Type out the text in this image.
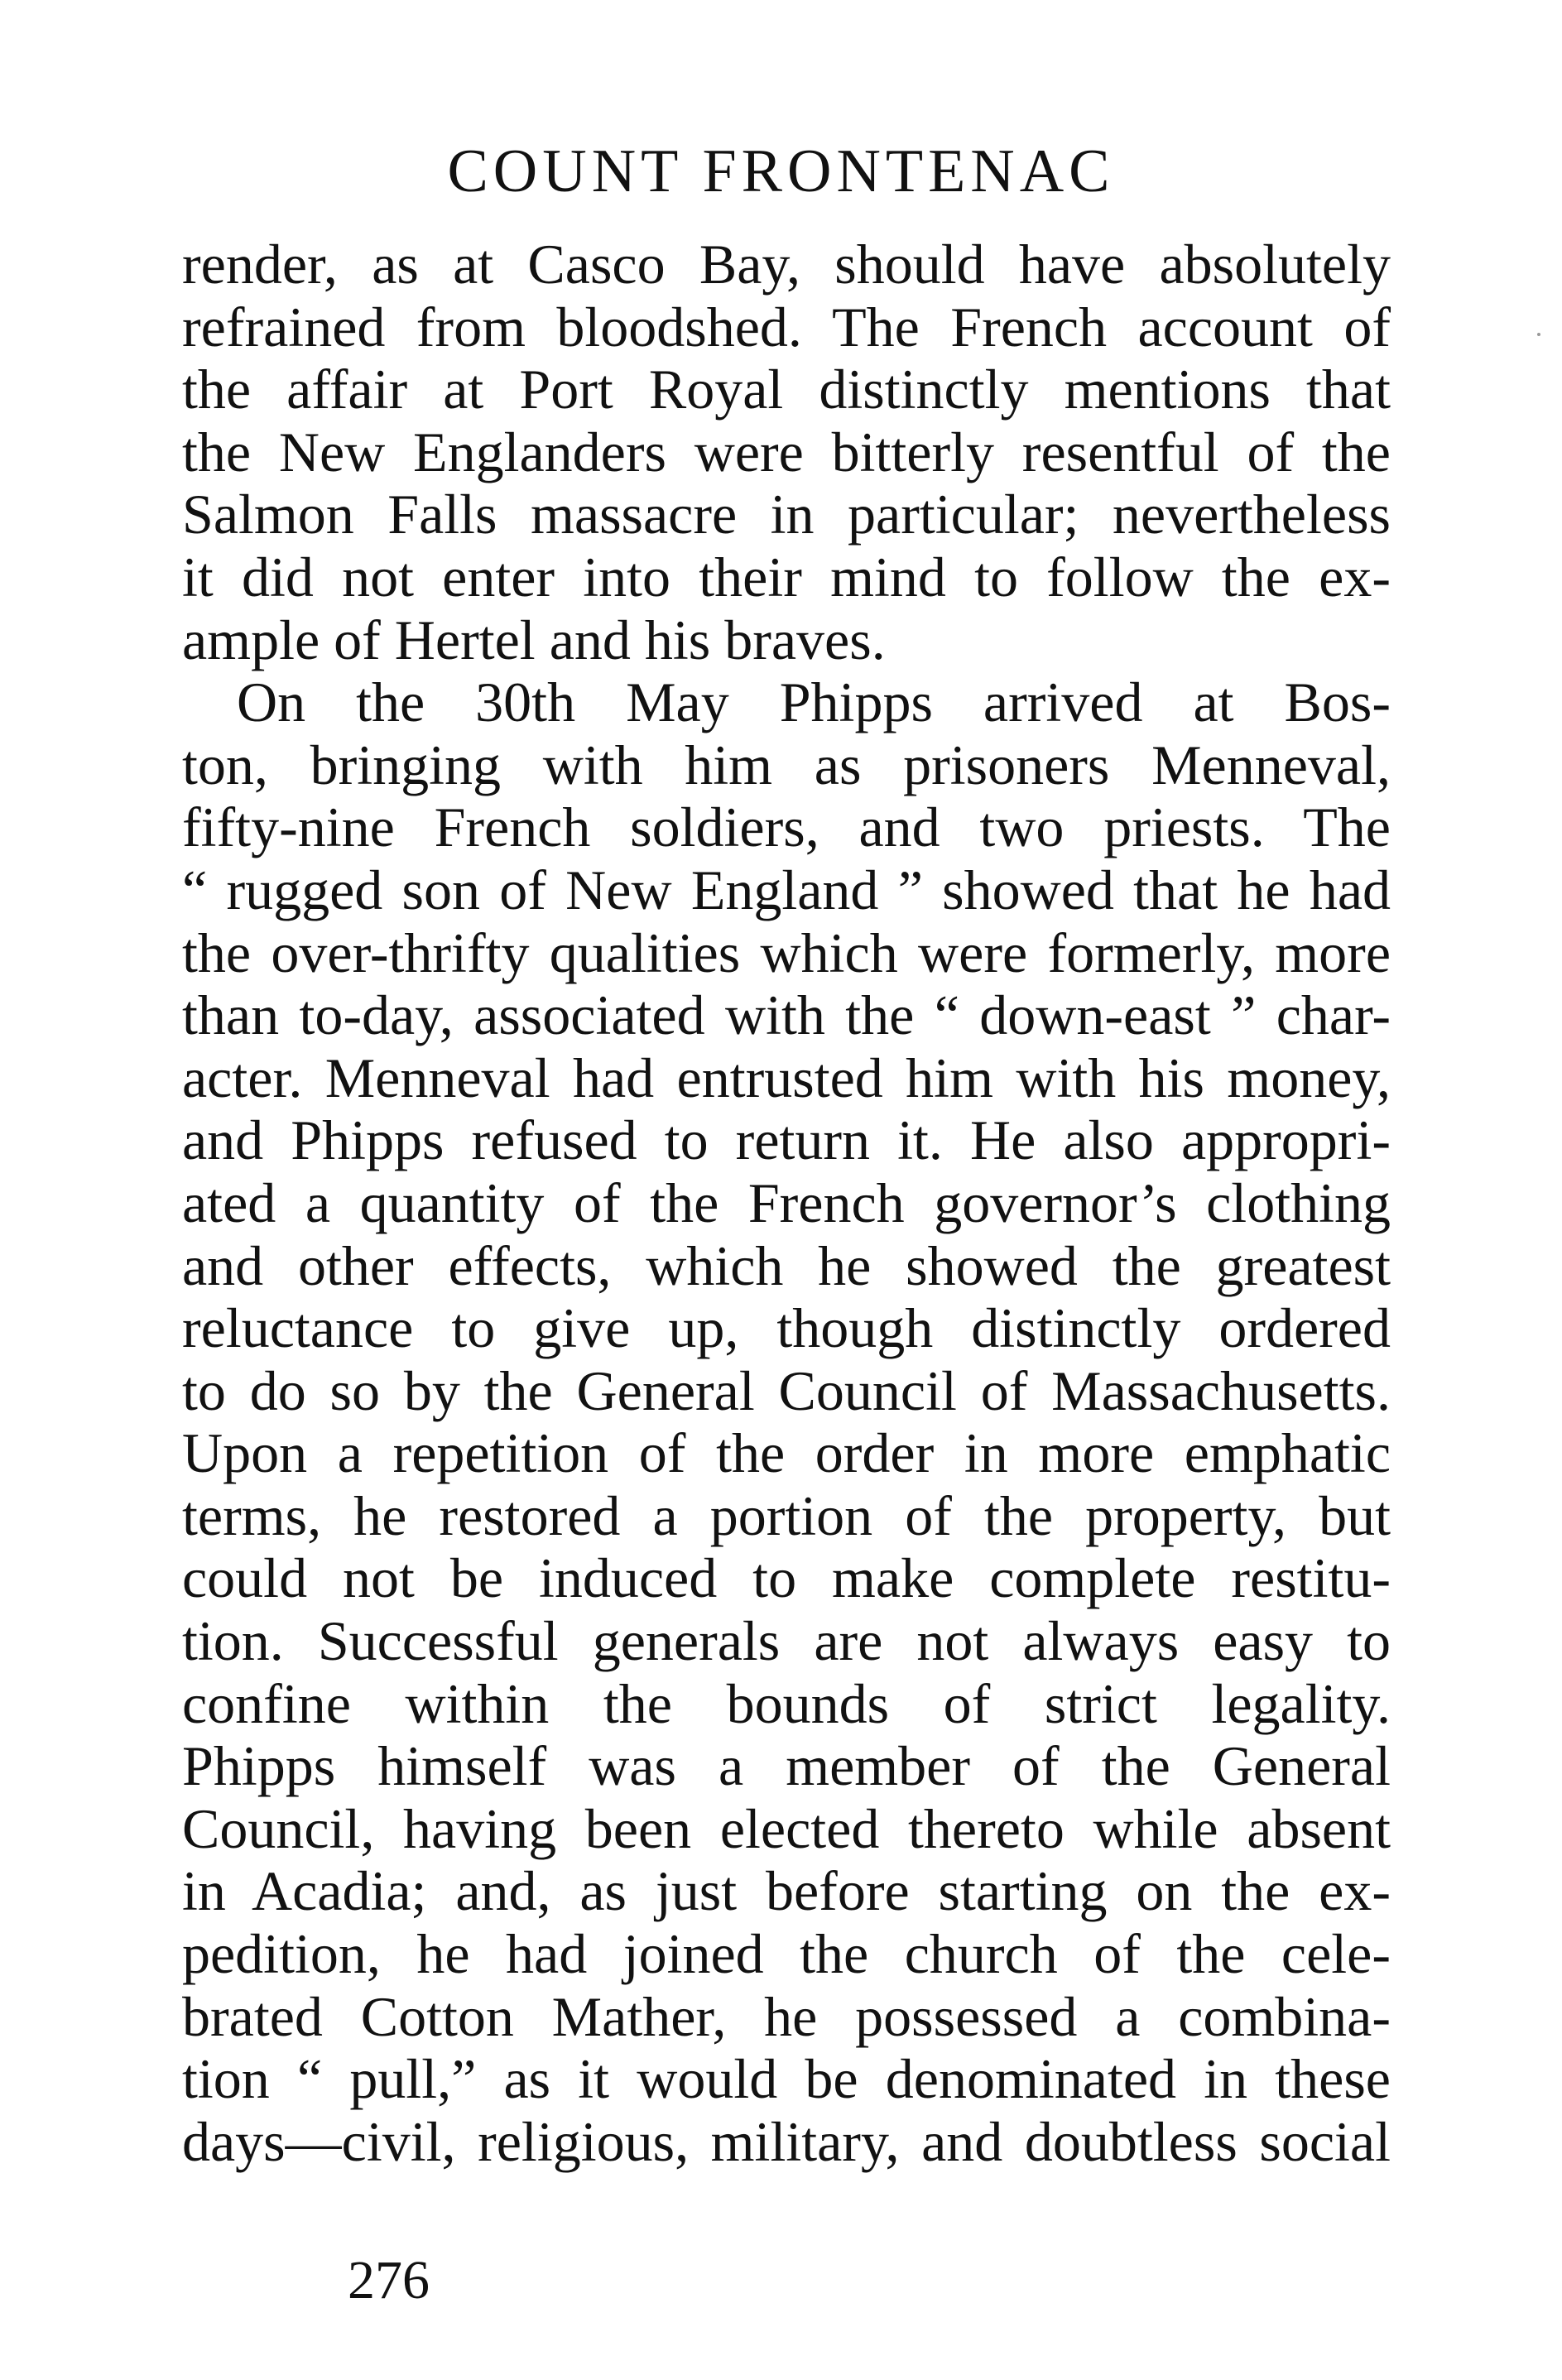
COUNT FRONTENAC
render, as at Casco Bay, should have absolutely
refrained from bloodshed. The French account of
the affair at Port Royal distinctly mentions that
the New Englanders were bitterly resentful of the
Salmon Falls massacre in particular; nevertheless
it did not enter into their mind to follow the ex-
ample of Hertel and his braves.
On the 30th May Phipps arrived at Bos-
ton, bringing with him as prisoners Menneval,
fifty-nine French soldiers, and two priests. The
“ rugged son of New England ” showed that he had
the over-thrifty qualities which were formerly, more
than to-day, associated with the “ down-east ” char-
acter. Menneval had entrusted him with his money,
and Phipps refused to return it. He also appropri-
ated a quantity of the French governor’s clothing
and other effects, which he showed the greatest
reluctance to give up, though distinctly ordered
to do so by the General Council of Massachusetts.
Upon a repetition of the order in more emphatic
terms, he restored a portion of the property, but
could not be induced to make complete restitu-
tion. Successful generals are not always easy to
confine within the bounds of strict legality.
Phipps himself was a member of the General
Council, having been elected thereto while absent
in Acadia; and, as just before starting on the ex-
pedition, he had joined the church of the cele-
brated Cotton Mather, he possessed a combina-
tion “ pull,” as it would be denominated in these
days—civil, religious, military, and doubtless social
276
